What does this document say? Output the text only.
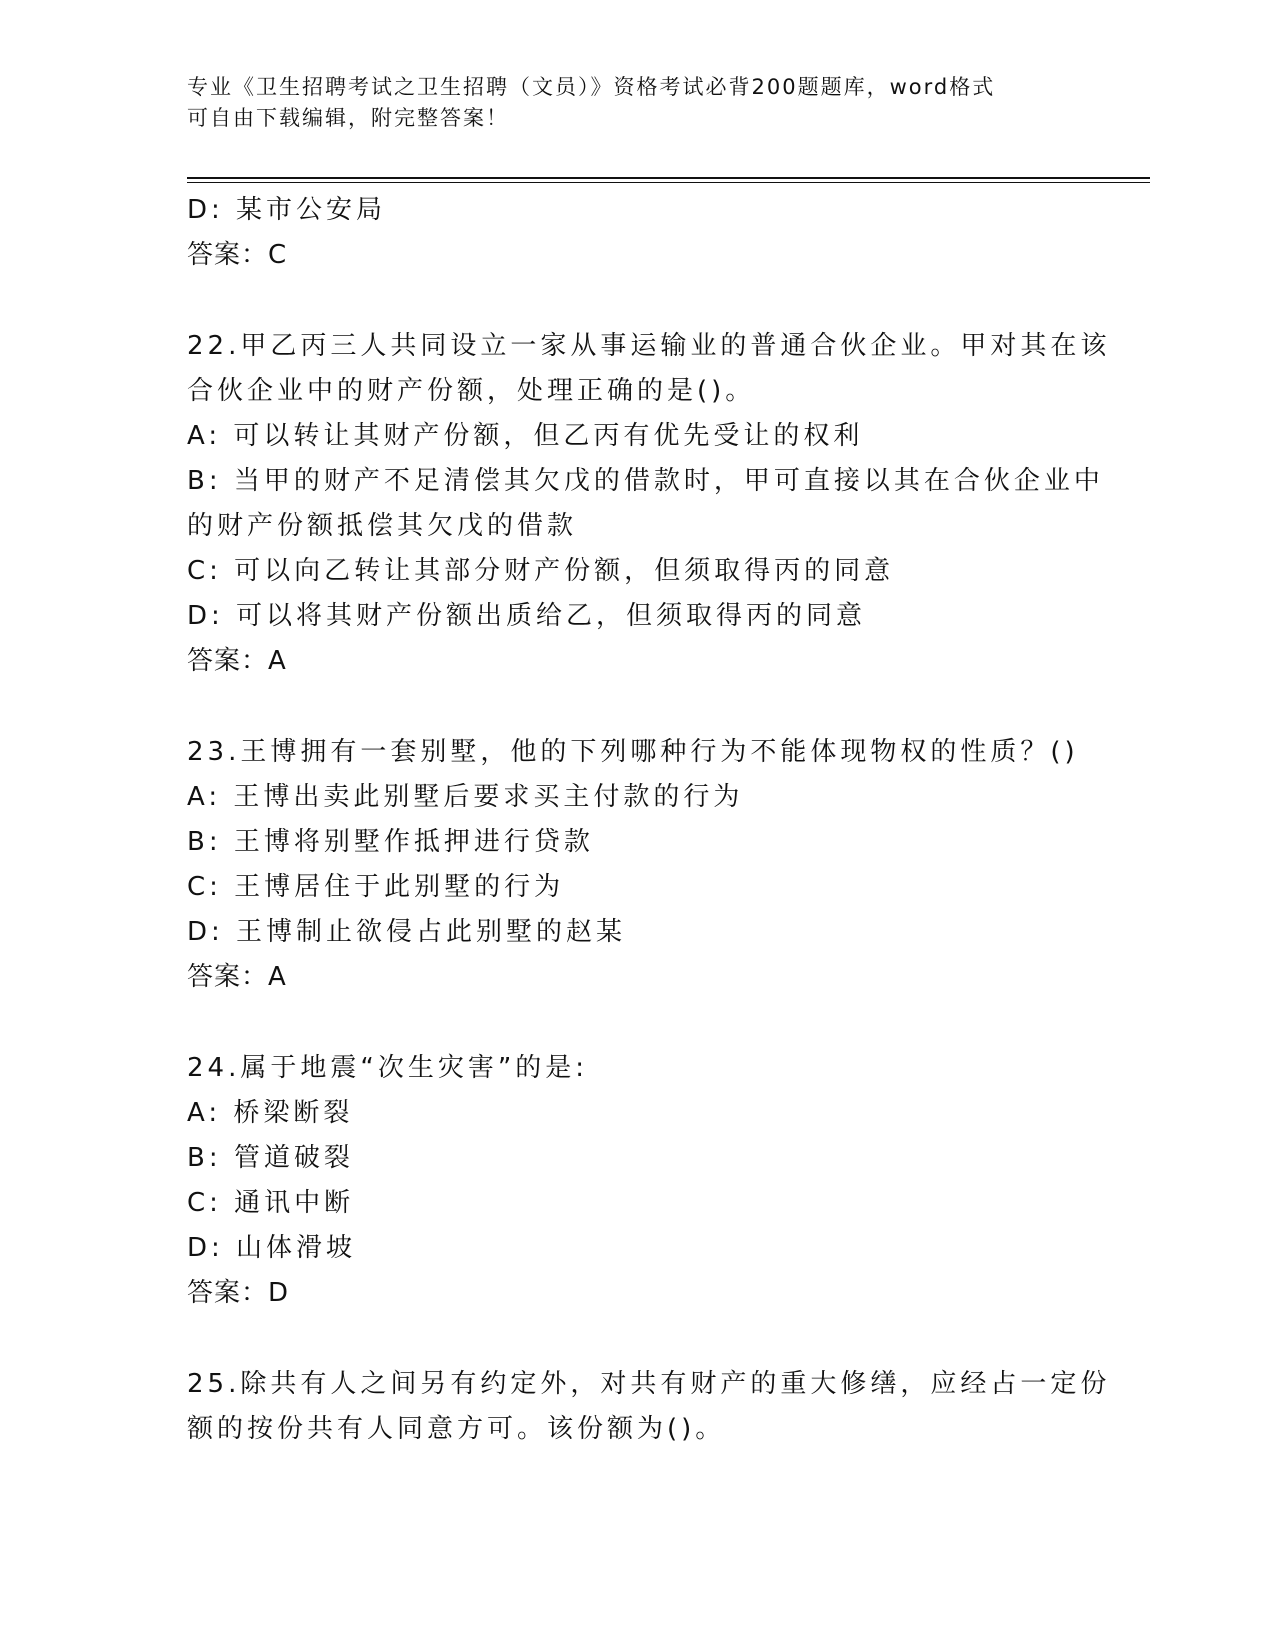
专业《卫生招聘考试之卫生招聘（文员）》资格考试必背200题题库，word格式
可自由下载编辑，附完整答案！
D: 某市公安局
答案：C
22.甲乙丙三人共同设立一家从事运输业的普通合伙企业。甲对其在该
合伙企业中的财产份额，处理正确的是()。
A: 可以转让其财产份额，但乙丙有优先受让的权利
B: 当甲的财产不足清偿其欠戊的借款时，甲可直接以其在合伙企业中
的财产份额抵偿其欠戊的借款
C: 可以向乙转让其部分财产份额，但须取得丙的同意
D: 可以将其财产份额出质给乙，但须取得丙的同意
答案：A
23.王博拥有一套别墅，他的下列哪种行为不能体现物权的性质？()
A: 王博出卖此别墅后要求买主付款的行为
B: 王博将别墅作抵押进行贷款
C: 王博居住于此别墅的行为
D: 王博制止欲侵占此别墅的赵某
答案：A
24.属于地震“次生灾害”的是:
A: 桥梁断裂
B: 管道破裂
C: 通讯中断
D: 山体滑坡
答案：D
25.除共有人之间另有约定外，对共有财产的重大修缮，应经占一定份
额的按份共有人同意方可。该份额为()。
